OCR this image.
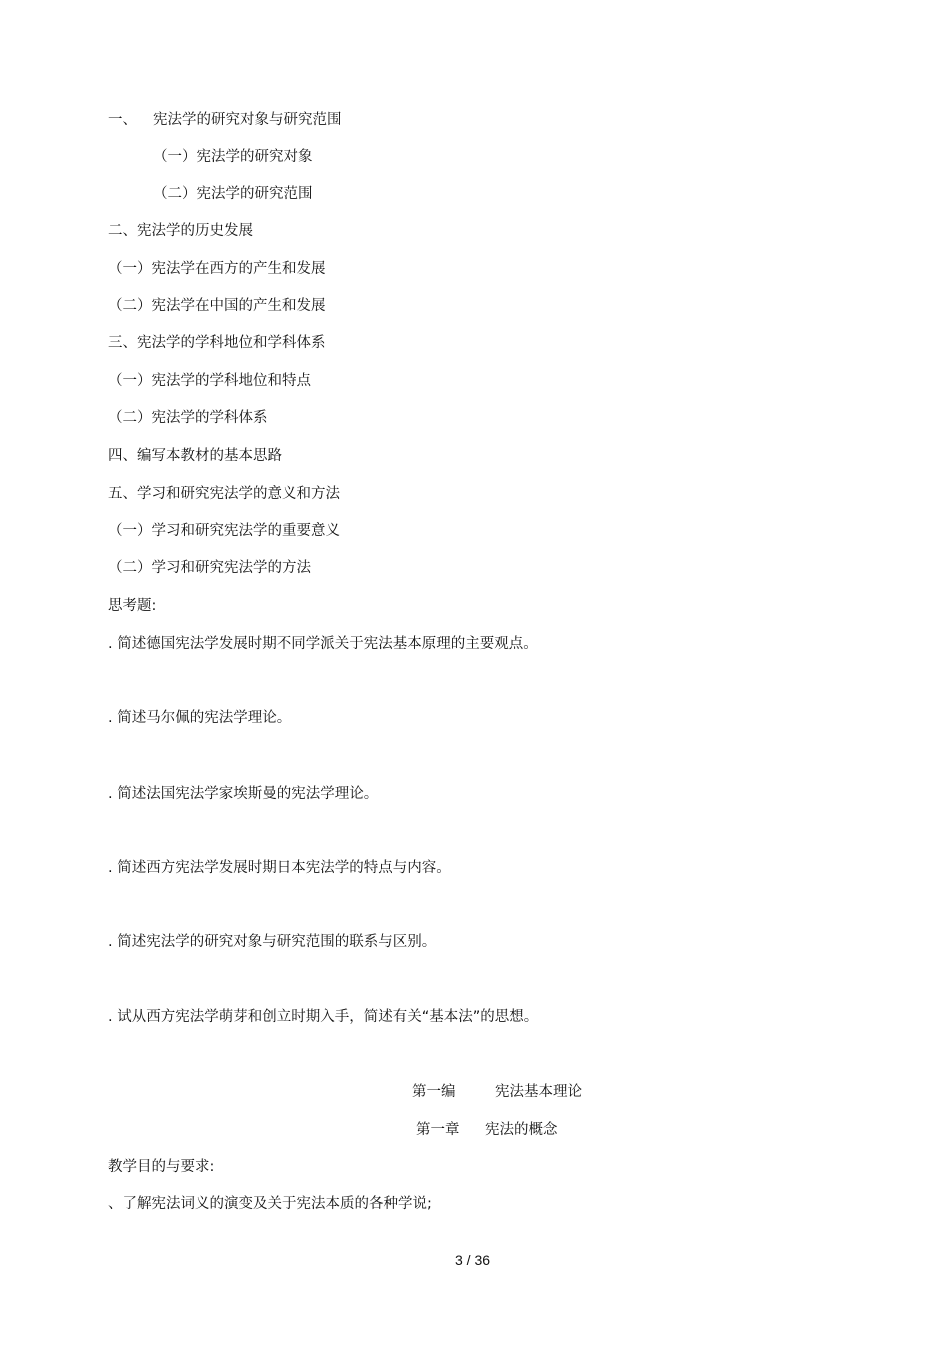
一、 宪法学的研究对象与研究范围
（一）宪法学的研究对象
（二）宪法学的研究范围
二、宪法学的历史发展
（一）宪法学在西方的产生和发展
（二）宪法学在中国的产生和发展
三、宪法学的学科地位和学科体系
（一）宪法学的学科地位和特点
（二）宪法学的学科体系
四、编写本教材的基本思路
五、学习和研究宪法学的意义和方法
（一）学习和研究宪法学的重要意义
（二）学习和研究宪法学的方法
思考题:
. 简述德国宪法学发展时期不同学派关于宪法基本原理的主要观点。
. 简述马尔佩的宪法学理论。
. 简述法国宪法学家埃斯曼的宪法学理论。
. 简述西方宪法学发展时期日本宪法学的特点与内容。
. 简述宪法学的研究对象与研究范围的联系与区别。
. 试从西方宪法学萌芽和创立时期入手，简述有关“基本法”的思想。
第一编	宪法基本理论
第一章 宪法的概念
教学目的与要求:
、了解宪法词义的演变及关于宪法本质的各种学说;
3 / 36
